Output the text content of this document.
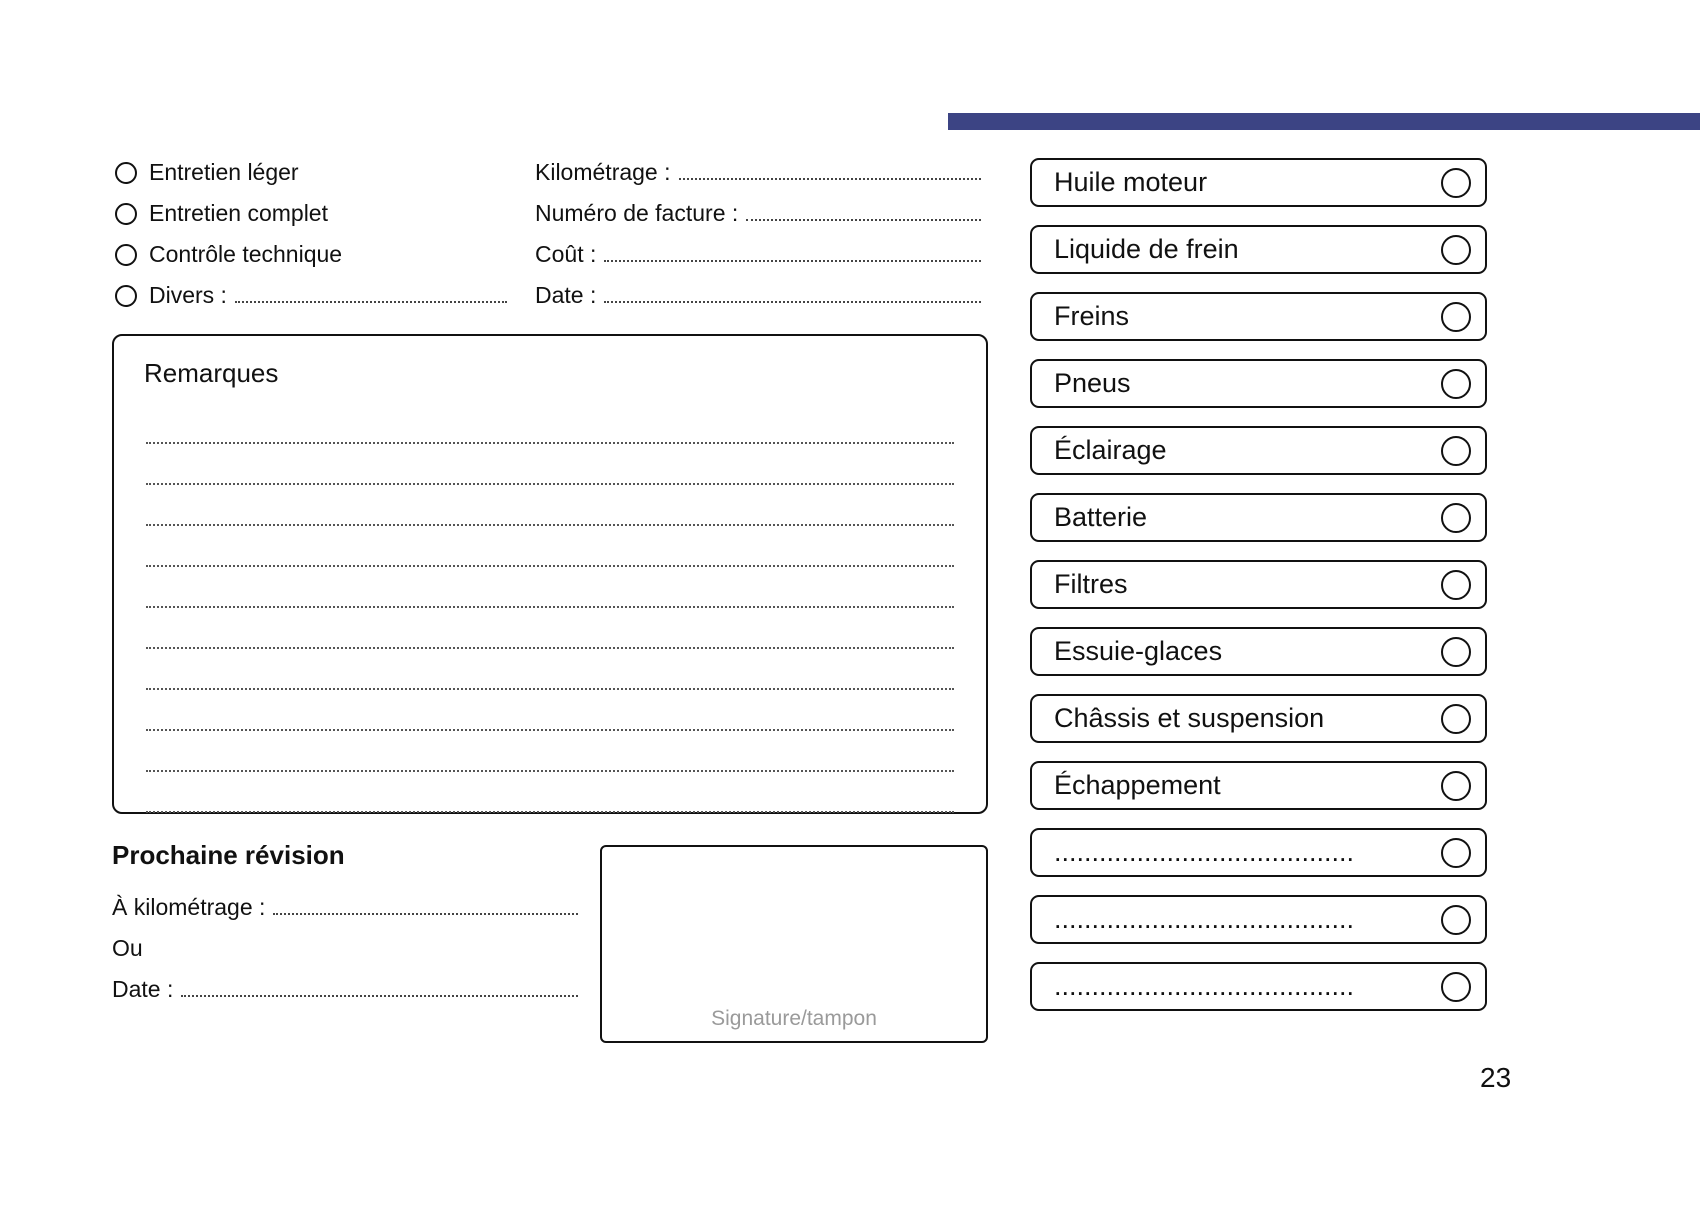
Entretien léger
Entretien complet
Contrôle technique
Divers :
Kilométrage :
Numéro de facture :
Coût :
Date :
Remarques
Prochaine révision
À kilométrage :
Ou
Date :
Signature/tampon
Huile moteur
Liquide de frein
Freins
Pneus
Éclairage
Batterie
Filtres
Essuie-glaces
Châssis et suspension
Échappement
........................................
........................................
........................................
23
